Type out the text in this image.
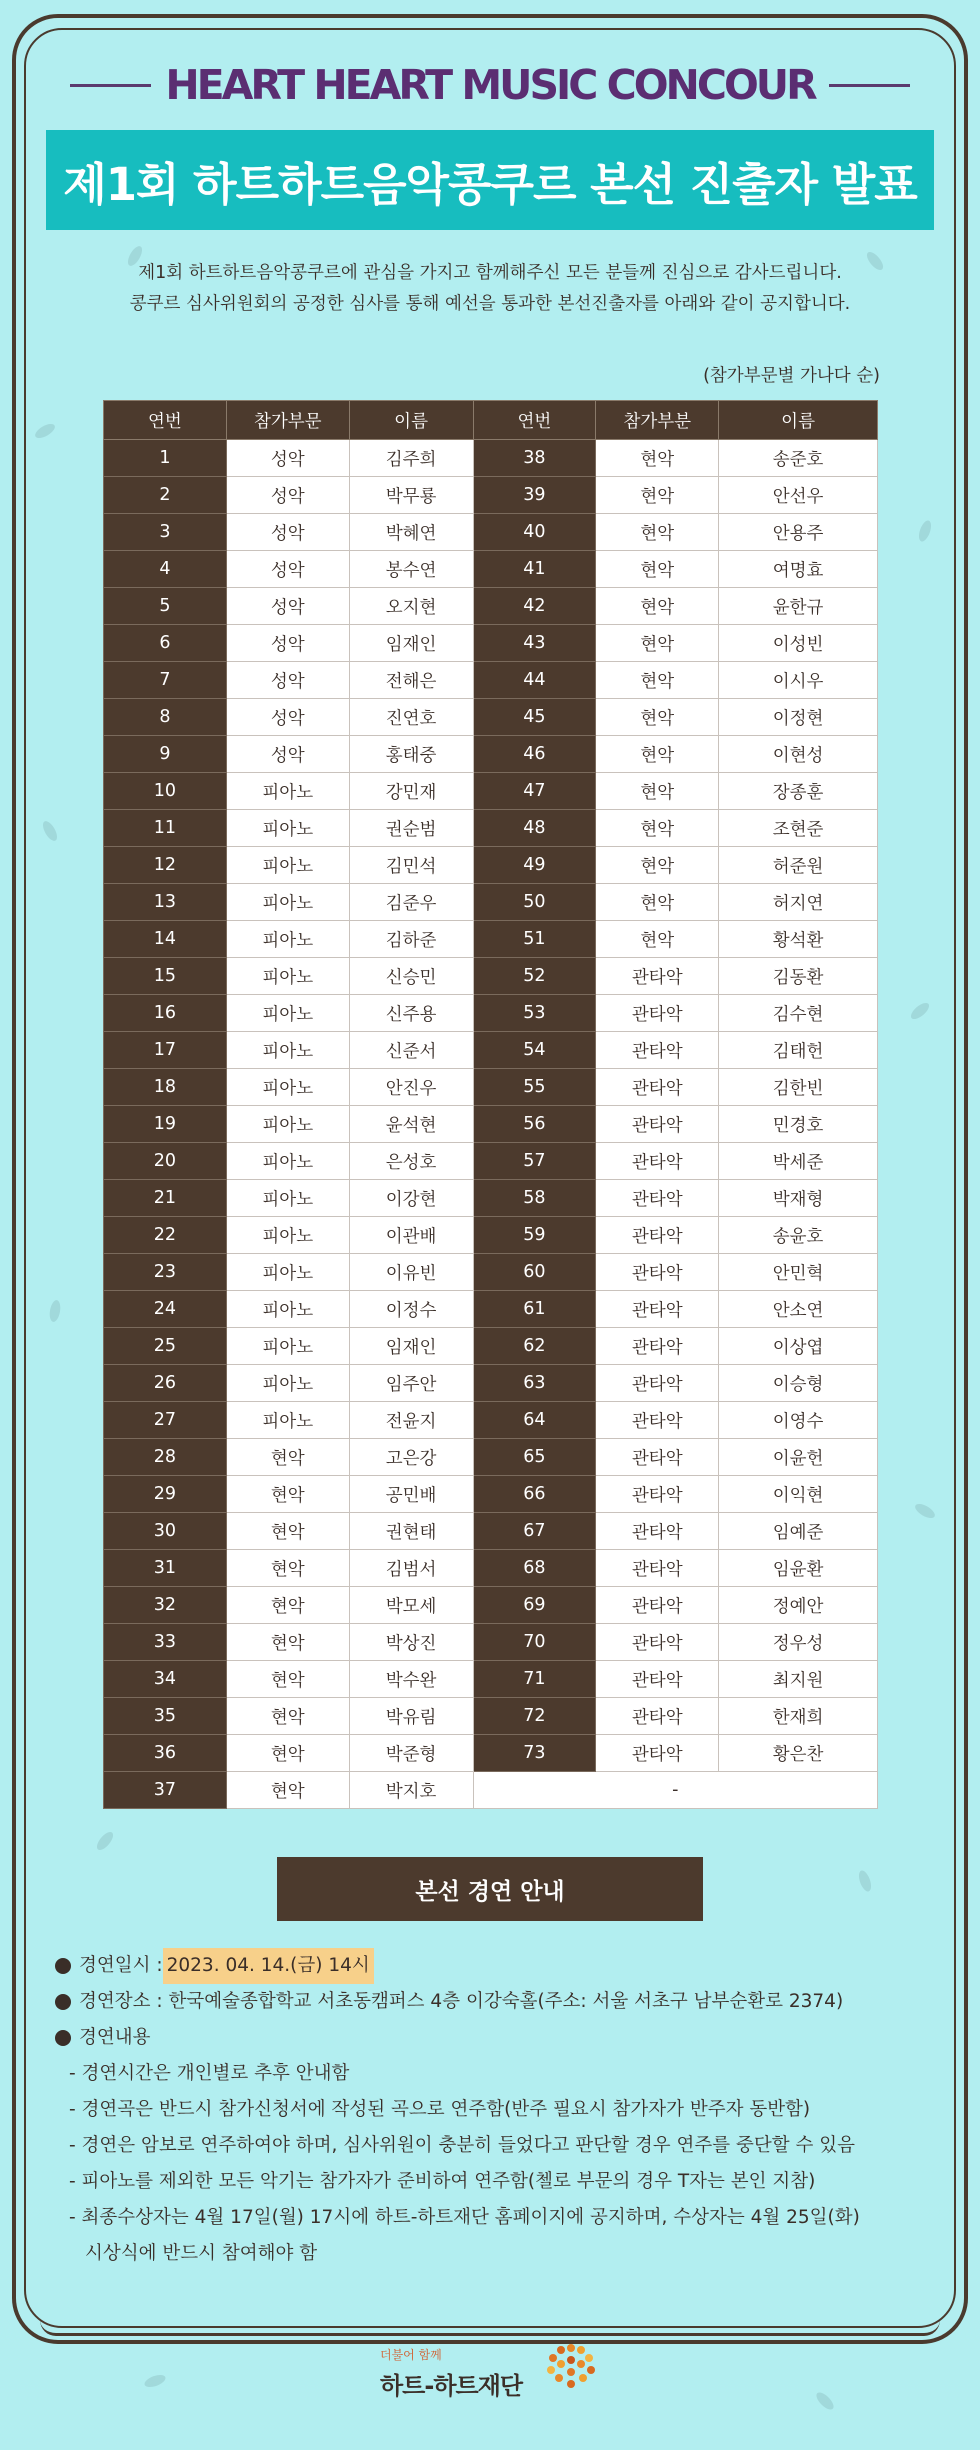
HEART HEART MUSIC CONCOUR
제1회 하트하트음악콩쿠르 본선 진출자 발표
제1회 하트하트음악콩쿠르에 관심을 가지고 함께해주신 모든 분들께 진심으로 감사드립니다.
콩쿠르 심사위원회의 공정한 심사를 통해 예선을 통과한 본선진출자를 아래와 같이 공지합니다.
(참가부문별 가나다 순)
연번	참가부문	이름	연번	참가부분	이름
1	성악	김주희	38	현악	송준호
2	성악	박무룡	39	현악	안선우
3	성악	박혜연	40	현악	안용주
4	성악	봉수연	41	현악	여명효
5	성악	오지현	42	현악	윤한규
6	성악	임재인	43	현악	이성빈
7	성악	전해은	44	현악	이시우
8	성악	진연호	45	현악	이정현
9	성악	홍태중	46	현악	이현성
10	피아노	강민재	47	현악	장종훈
11	피아노	권순범	48	현악	조현준
12	피아노	김민석	49	현악	허준원
13	피아노	김준우	50	현악	허지연
14	피아노	김하준	51	현악	황석환
15	피아노	신승민	52	관타악	김동환
16	피아노	신주용	53	관타악	김수현
17	피아노	신준서	54	관타악	김태헌
18	피아노	안진우	55	관타악	김한빈
19	피아노	윤석현	56	관타악	민경호
20	피아노	은성호	57	관타악	박세준
21	피아노	이강현	58	관타악	박재형
22	피아노	이관배	59	관타악	송윤호
23	피아노	이유빈	60	관타악	안민혁
24	피아노	이정수	61	관타악	안소연
25	피아노	임재인	62	관타악	이상엽
26	피아노	임주안	63	관타악	이승형
27	피아노	전윤지	64	관타악	이영수
28	현악	고은강	65	관타악	이윤헌
29	현악	공민배	66	관타악	이익현
30	현악	권현태	67	관타악	임예준
31	현악	김범서	68	관타악	임윤환
32	현악	박모세	69	관타악	정예안
33	현악	박상진	70	관타악	정우성
34	현악	박수완	71	관타악	최지원
35	현악	박유림	72	관타악	한재희
36	현악	박준형	73	관타악	황은찬
37	현악	박지호	-		
본선 경연 안내
경연일시 : 2023. 04. 14.(금) 14시
경연장소 : 한국예술종합학교 서초동캠퍼스 4층 이강숙홀(주소: 서울 서초구 남부순환로 2374)
경연내용
- 경연시간은 개인별로 추후 안내함
- 경연곡은 반드시 참가신청서에 작성된 곡으로 연주함(반주 필요시 참가자가 반주자 동반함)
- 경연은 암보로 연주하여야 하며, 심사위원이 충분히 들었다고 판단할 경우 연주를 중단할 수 있음
- 피아노를 제외한 모든 악기는 참가자가 준비하여 연주함(첼로 부문의 경우 T자는 본인 지참)
- 최종수상자는 4월 17일(월) 17시에 하트-하트재단 홈페이지에 공지하며, 수상자는 4월 25일(화)
시상식에 반드시 참여해야 함
더불어 함께
하트-하트재단
